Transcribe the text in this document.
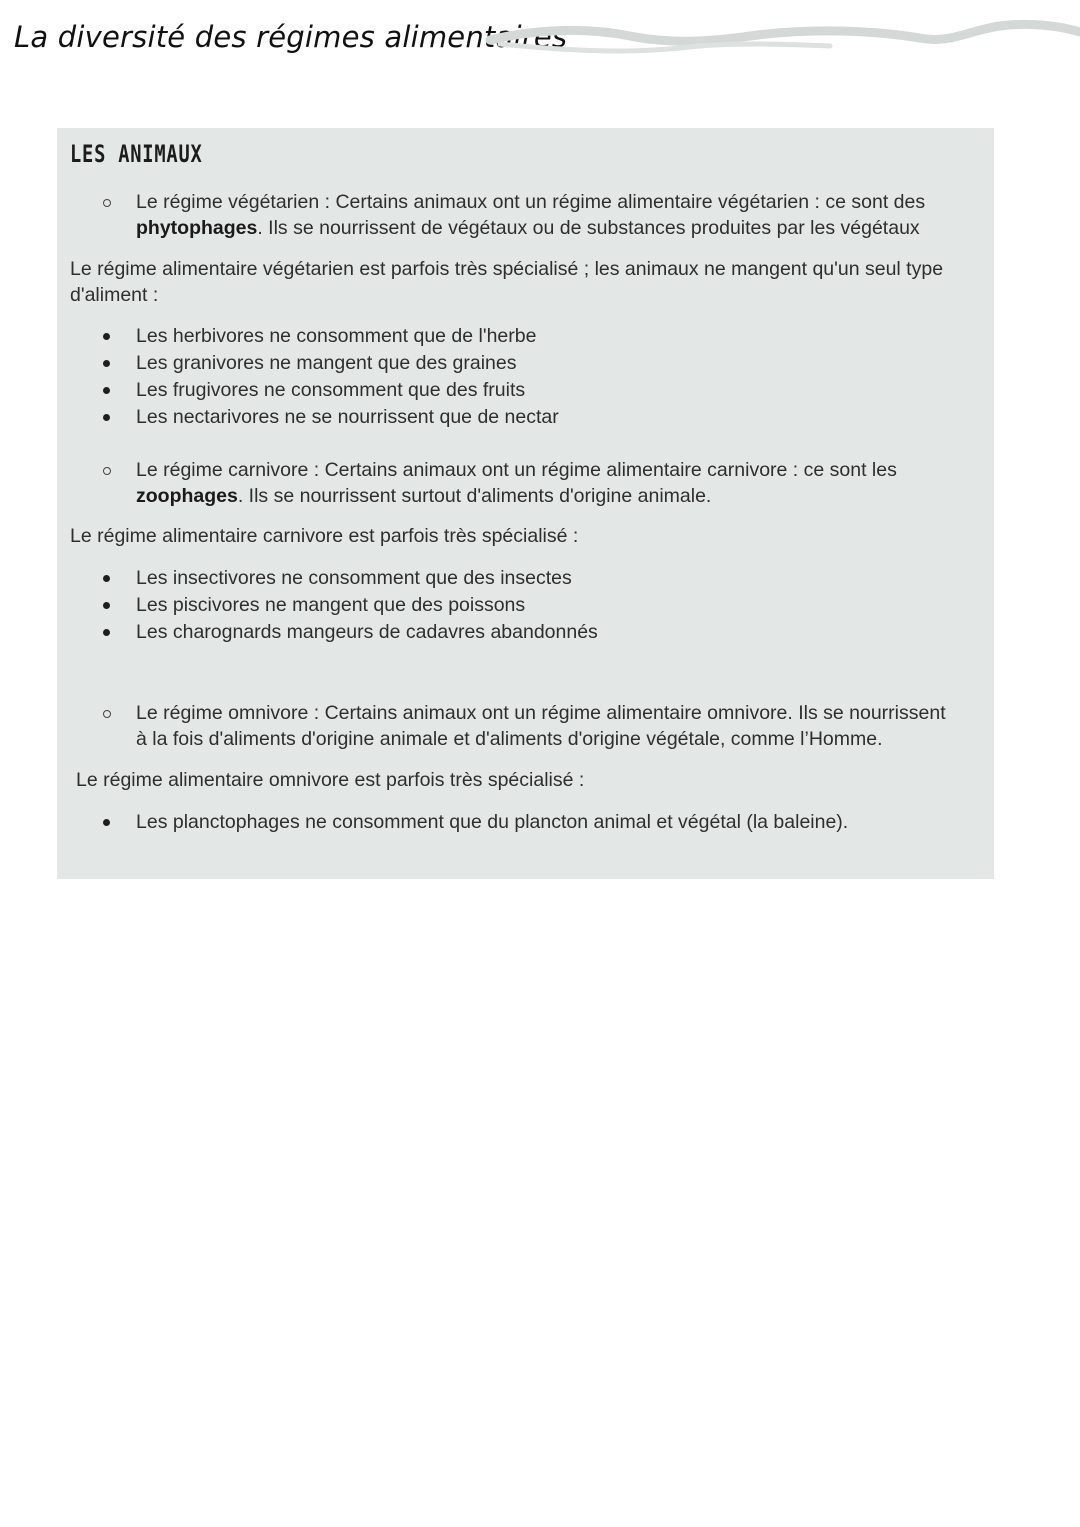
La diversité des régimes alimentaires
LES ANIMAUX

Le régime végétarien : Certains animaux ont un régime alimentaire végétarien : ce sont des

phytophages. Ils se nourrissent de végétaux ou de substances produites par les végétaux

Le régime alimentaire végétarien est parfois très spécialisé ; les animaux ne mangent qu'un seul type

d'aliment :

Les herbivores ne consomment que de l'herbe

Les granivores ne mangent que des graines

Les frugivores ne consomment que des fruits

Les nectarivores ne se nourrissent que de nectar

Le régime carnivore : Certains animaux ont un régime alimentaire carnivore : ce sont les

zoophages. Ils se nourrissent surtout d'aliments d'origine animale.

Le régime alimentaire carnivore est parfois très spécialisé :

Les insectivores ne consomment que des insectes

Les piscivores ne mangent que des poissons

Les charognards mangeurs de cadavres abandonnés

Le régime omnivore : Certains animaux ont un régime alimentaire omnivore. Ils se nourrissent

à la fois d'aliments d'origine animale et d'aliments d'origine végétale, comme l’Homme.

Le régime alimentaire omnivore est parfois très spécialisé :

Les planctophages ne consomment que du plancton animal et végétal (la baleine).
